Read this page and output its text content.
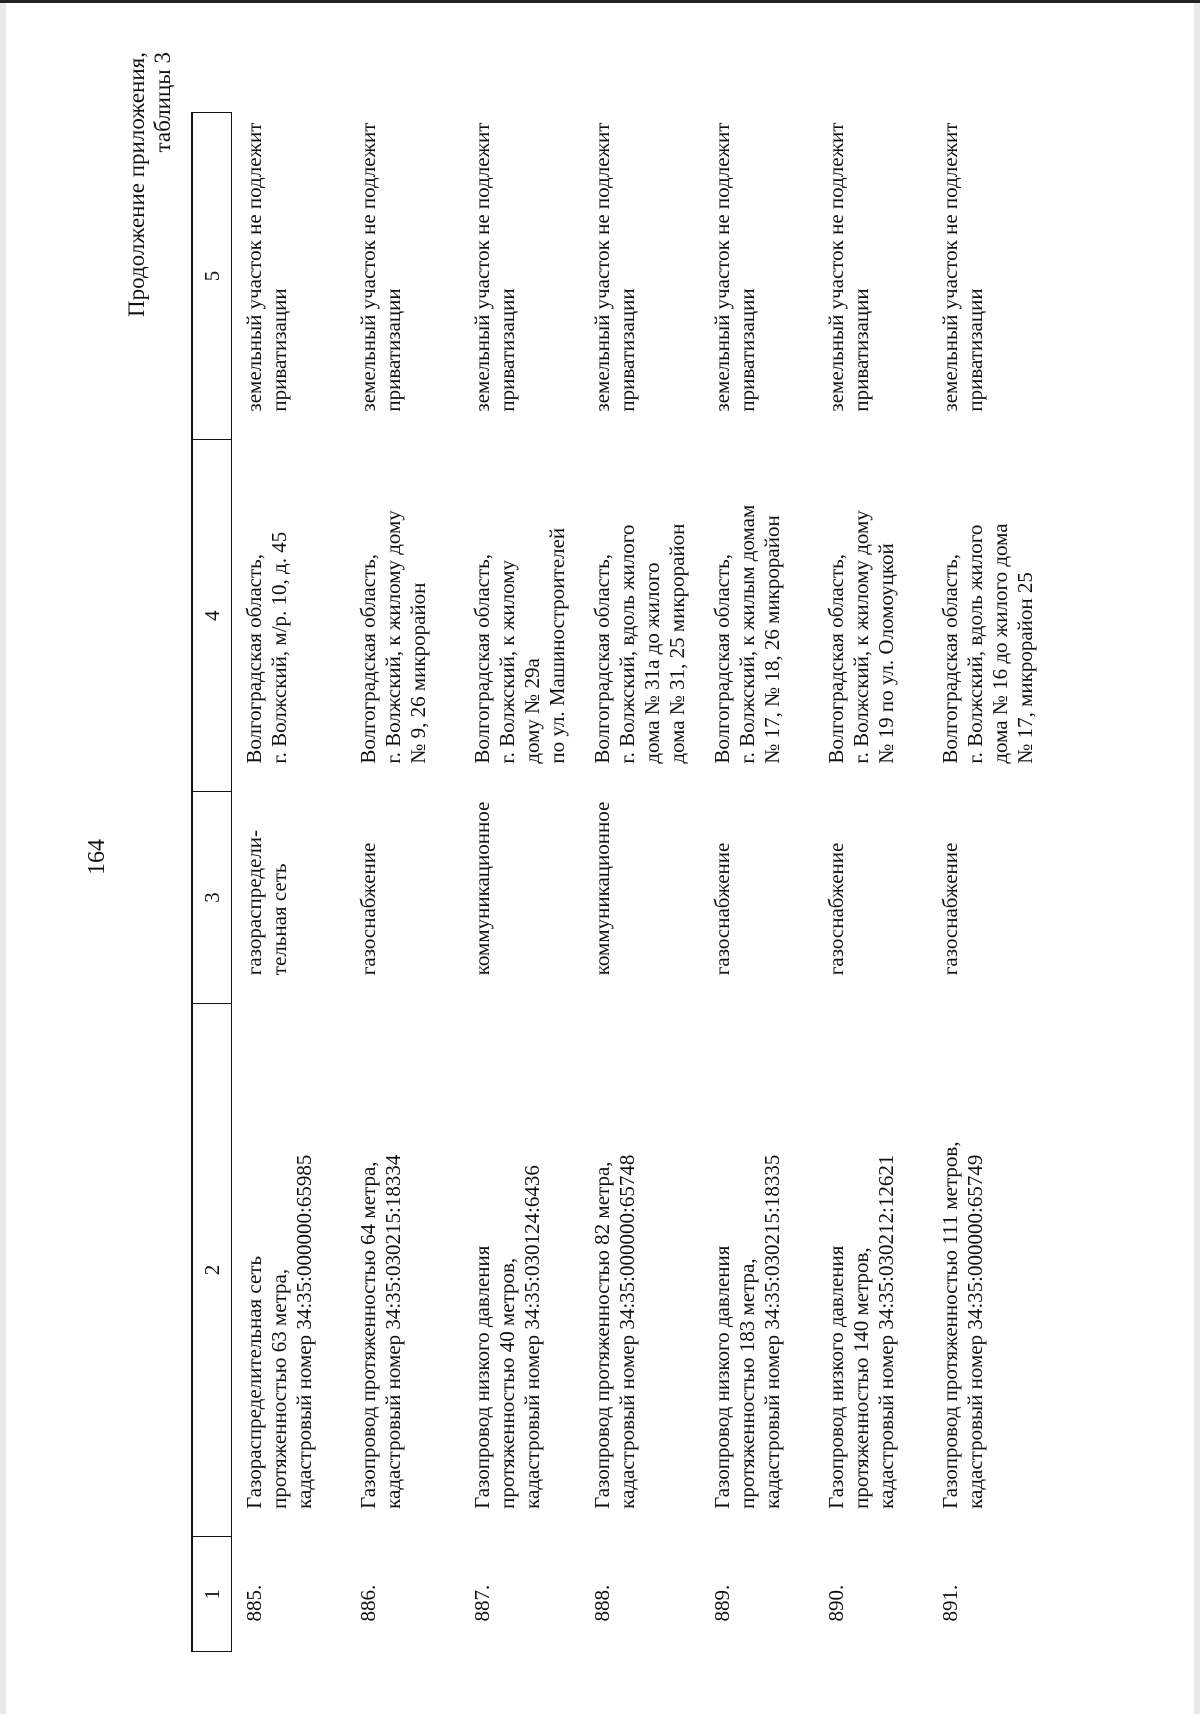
164
Продолжение приложения, таблицы 3
1	2	3	4	5
885.	Газораспределительная сеть протяженностью 63 метра, кадастровый номер 34:35:000000:65985	газораспредели- тельная сеть	Волгоградская область, г. Волжский, м/р. 10, д. 45	земельный участок не подлежит приватизации

886.	Газопровод протяженностью 64 метра, кадастровый номер 34:35:030215:18334	газоснабжение	Волгоградская область, г. Волжский, к жилому дому № 9, 26 микрорайон	земельный участок не подлежит приватизации

887.	Газопровод низкого давления протяженностью 40 метров, кадастровый номер 34:35:030124:6436	коммуникационное	Волгоградская область, г. Волжский, к жилому дому № 29а по ул. Машиностроителей	земельный участок не подлежит приватизации

888.	Газопровод протяженностью 82 метра, кадастровый номер 34:35:000000:65748	коммуникационное	Волгоградская область, г. Волжский, вдоль жилого дома № 31а до жилого дома № 31, 25 микрорайон	земельный участок не подлежит приватизации

889.	Газопровод низкого давления протяженностью 183 метра, кадастровый номер 34:35:030215:18335	газоснабжение	Волгоградская область, г. Волжский, к жилым домам № 17, № 18, 26 микрорайон	земельный участок не подлежит приватизации

890.	Газопровод низкого давления протяженностью 140 метров, кадастровый номер 34:35:030212:12621	газоснабжение	Волгоградская область, г. Волжский, к жилому дому № 19 по ул. Оломоуцкой	земельный участок не подлежит приватизации

891.	Газопровод протяженностью 111 метров, кадастровый номер 34:35:000000:65749	газоснабжение	Волгоградская область, г. Волжский, вдоль жилого дома № 16 до жилого дома № 17, микрорайон 25	земельный участок не подлежит приватизации
